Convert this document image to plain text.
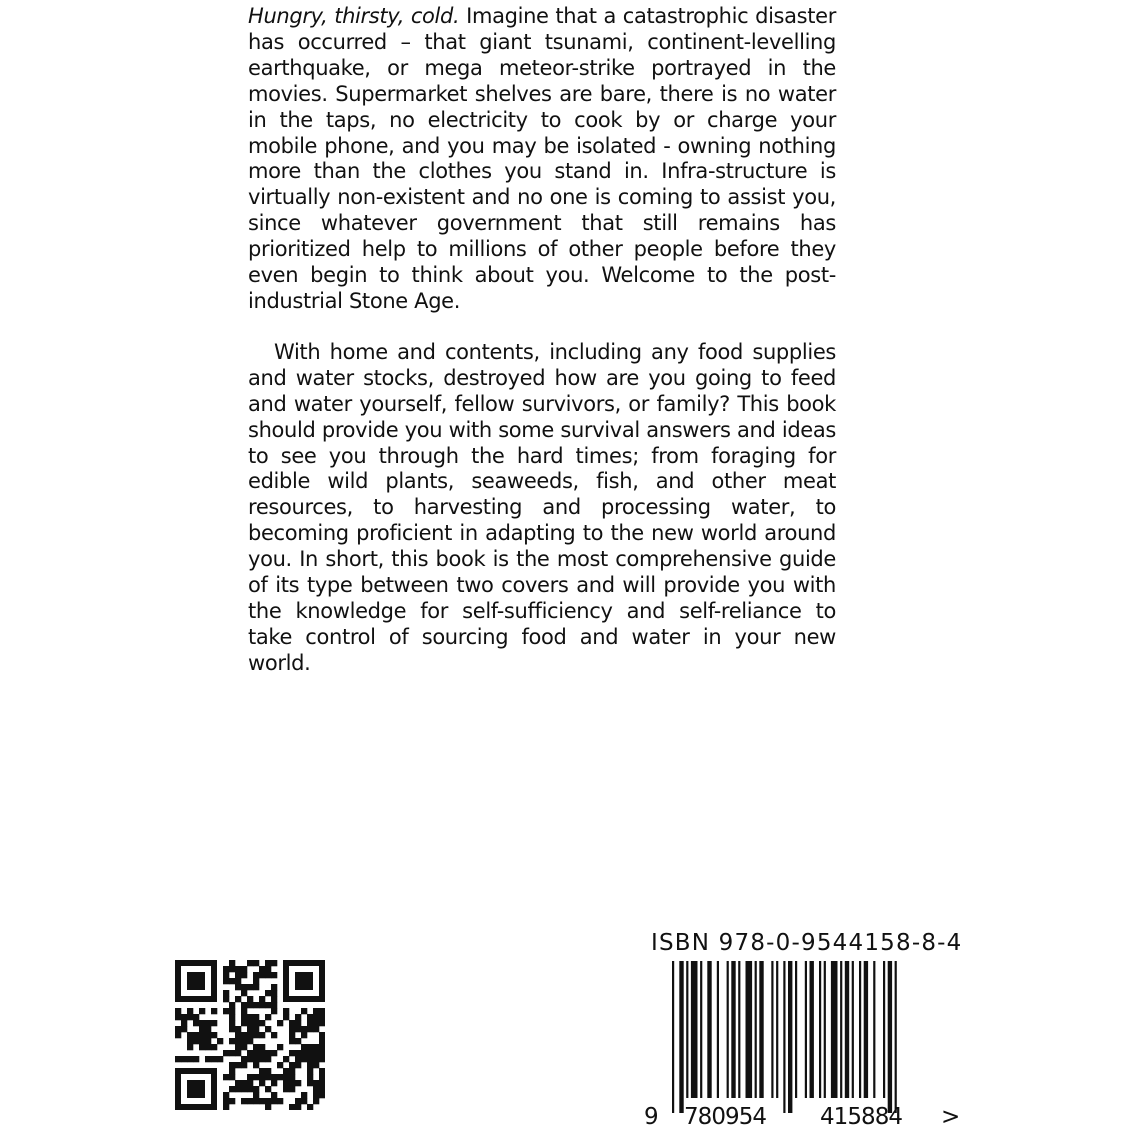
Hungry, thirsty, cold. Imagine that a catastrophic disaster has occurred – that giant tsunami, continent-levelling earthquake, or mega meteor-strike portrayed in the movies. Supermarket shelves are bare, there is no water in the taps, no electricity to cook by or charge your mobile phone, and you may be isolated - owning nothing more than the clothes you stand in. Infra-structure is virtually non-existent and no one is coming to assist you, since whatever government that still remains has prioritized help to millions of other people before they even begin to think about you. Welcome to the post-industrial Stone Age.

With home and contents, including any food supplies and water stocks, destroyed how are you going to feed and water yourself, fellow survivors, or family? This book should provide you with some survival answers and ideas to see you through the hard times; from foraging for edible wild plants, seaweeds, fish, and other meat resources, to harvesting and processing water, to becoming proficient in adapting to the new world around you. In short, this book is the most comprehensive guide of its type between two covers and will provide you with the knowledge for self-sufficiency and self-reliance to take control of sourcing food and water in your new world.

ISBN 978-0-9544158-8-4
9 780954 415884 >
